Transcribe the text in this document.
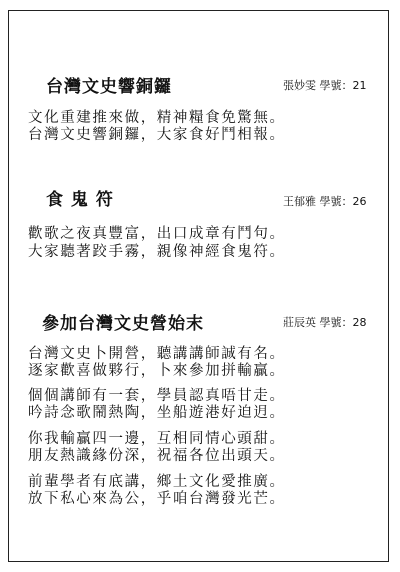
台灣文史響銅鑼	張妙雯 學號：21
文化重建推來做，精神糧食免驚無。
台灣文史響銅鑼，大家食好鬥相報。
食 鬼 符	王郁雅 學號：26
歡歌之夜真豐富，出口成章有鬥句。
大家聽著跤手霧，親像神經食鬼符。
參加台灣文史營始末	莊辰英 學號：28
台灣文史卜開營，聽講講師誠有名。
逐家歡喜做夥行，卜來參加拼輸贏。
個個講師有一套，學員認真唔甘走。
吟詩念歌鬧熱陶，坐船遊港好迫迌。
你我輸贏四一邊，互相同情心頭甜。
朋友熱識緣份深，祝福各位出頭天。
前輩學者有底講，鄉土文化愛推廣。
放下私心來為公，乎咱台灣發光芒。
